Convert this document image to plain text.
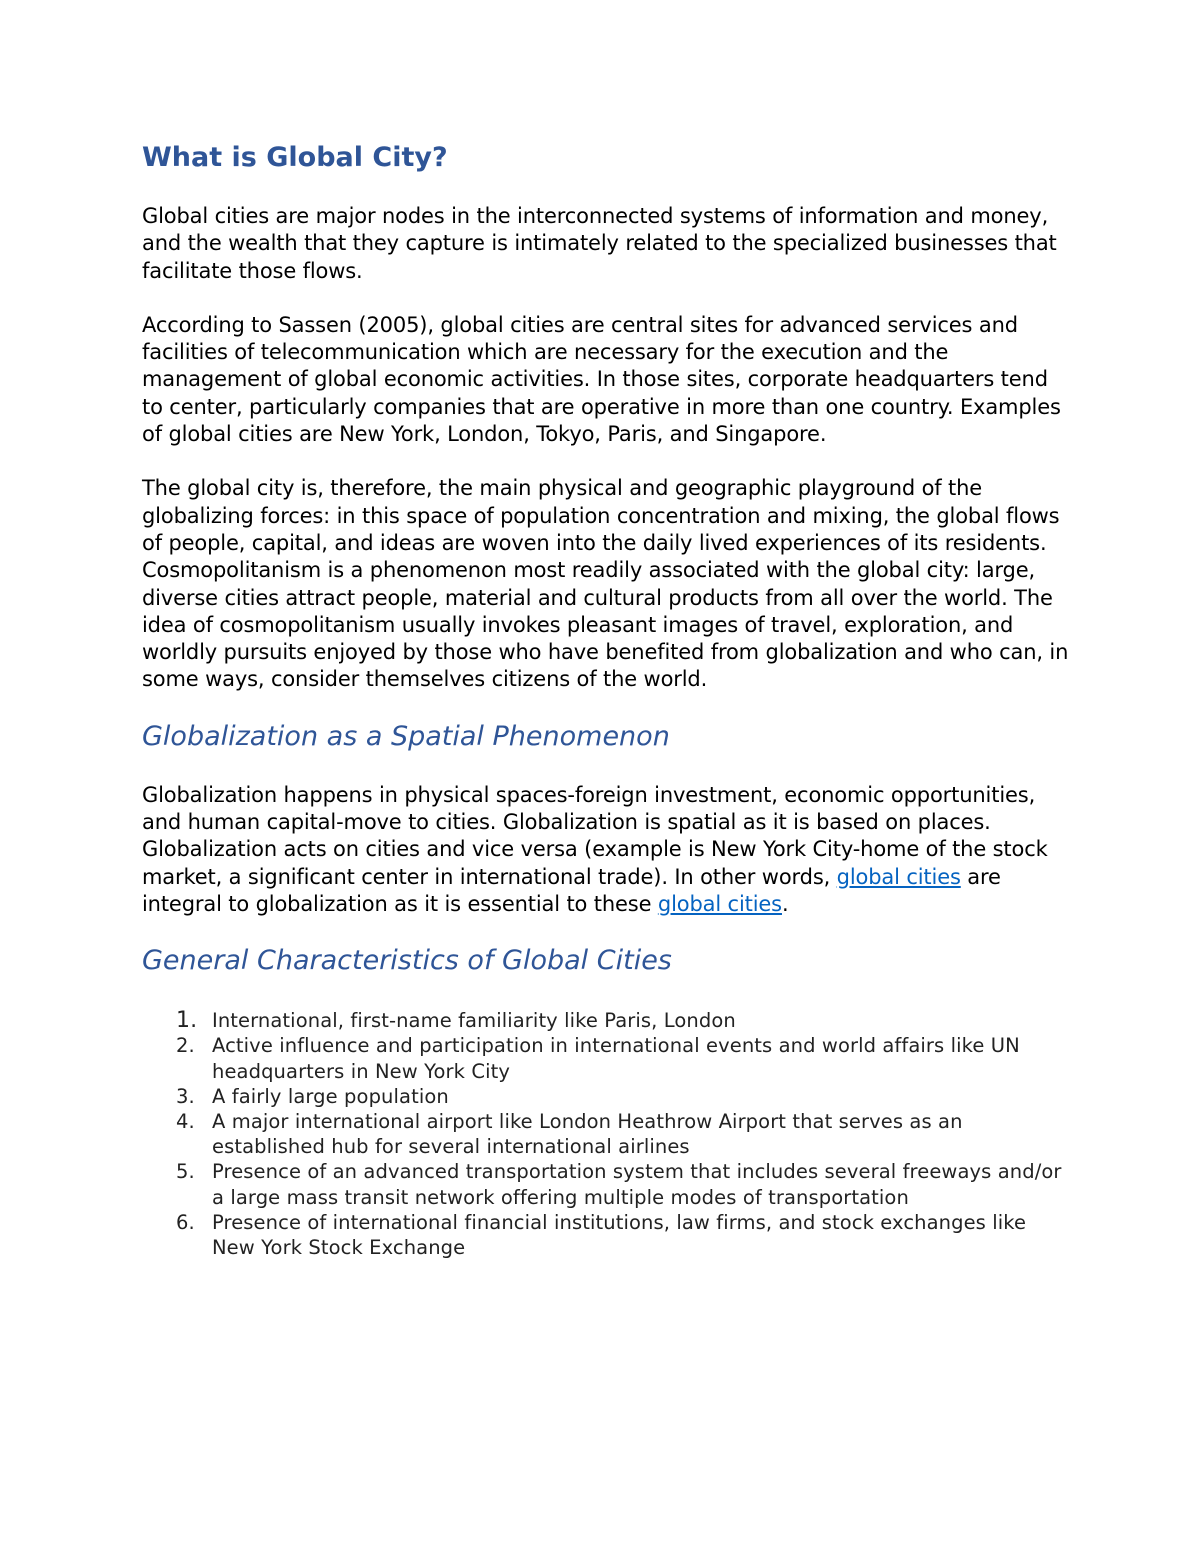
What is Global City?

Global cities are major nodes in the interconnected systems of information and money, and the wealth that they capture is intimately related to the specialized businesses that facilitate those flows.

According to Sassen (2005), global cities are central sites for advanced services and facilities of telecommunication which are necessary for the execution and the management of global economic activities. In those sites, corporate headquarters tend to center, particularly companies that are operative in more than one country. Examples of global cities are New York, London, Tokyo, Paris, and Singapore.

The global city is, therefore, the main physical and geographic playground of the globalizing forces: in this space of population concentration and mixing, the global flows of people, capital, and ideas are woven into the daily lived experiences of its residents. Cosmopolitanism is a phenomenon most readily associated with the global city: large, diverse cities attract people, material and cultural products from all over the world. The idea of cosmopolitanism usually invokes pleasant images of travel, exploration, and worldly pursuits enjoyed by those who have benefited from globalization and who can, in some ways, consider themselves citizens of the world.

Globalization as a Spatial Phenomenon

Globalization happens in physical spaces-foreign investment, economic opportunities, and human capital-move to cities. Globalization is spatial as it is based on places. Globalization acts on cities and vice versa (example is New York City-home of the stock market, a significant center in international trade). In other words, global cities are integral to globalization as it is essential to these global cities.

General Characteristics of Global Cities
1. International, first-name familiarity like Paris, London
2. Active influence and participation in international events and world affairs like UN headquarters in New York City
3. A fairly large population
4. A major international airport like London Heathrow Airport that serves as an established hub for several international airlines
5. Presence of an advanced transportation system that includes several freeways and/or a large mass transit network offering multiple modes of transportation
6. Presence of international financial institutions, law firms, and stock exchanges like New York Stock Exchange
